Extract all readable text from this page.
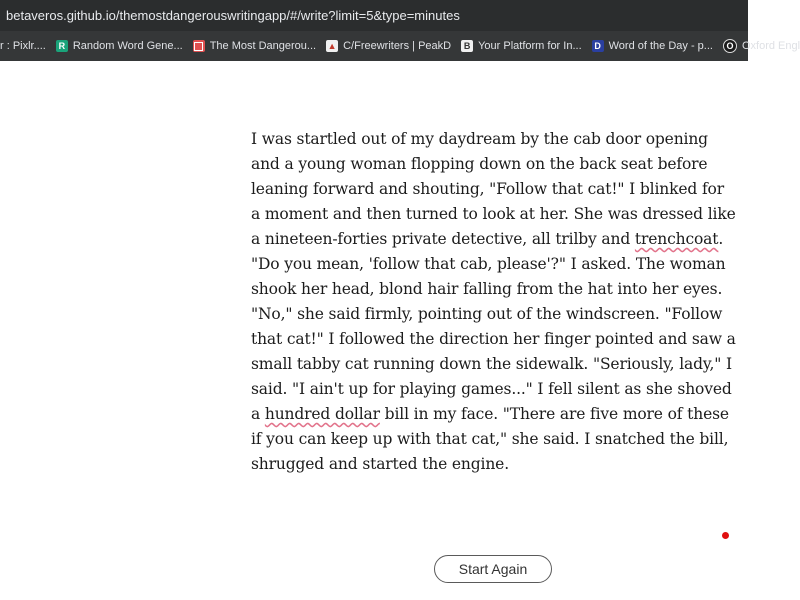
betaveros.github.io/themostdangerouswritingapp/#/write?limit=5&type=minutes
r : Pixlr....	R Random Word Gene... The Most Dangerou... ▲ C/Freewriters | PeakD	B Your Platform for In...	D Word of the Day - p...	O Oxford Engl
I was startled out of my daydream by the cab door opening and a young woman flopping down on the back seat before leaning forward and shouting, "Follow that cat!" I blinked for a moment and then turned to look at her. She was dressed like a nineteen-forties private detective, all trilby and trenchcoat. "Do you mean, 'follow that cab, please'?" I asked. The woman shook her head, blond hair falling from the hat into her eyes. "No," she said firmly, pointing out of the windscreen. "Follow that cat!" I followed the direction her finger pointed and saw a small tabby cat running down the sidewalk. "Seriously, lady," I said. "I ain't up for playing games..." I fell silent as she shoved a hundred dollar bill in my face. "There are five more of these if you can keep up with that cat," she said. I snatched the bill, shrugged and started the engine.
Start Again
